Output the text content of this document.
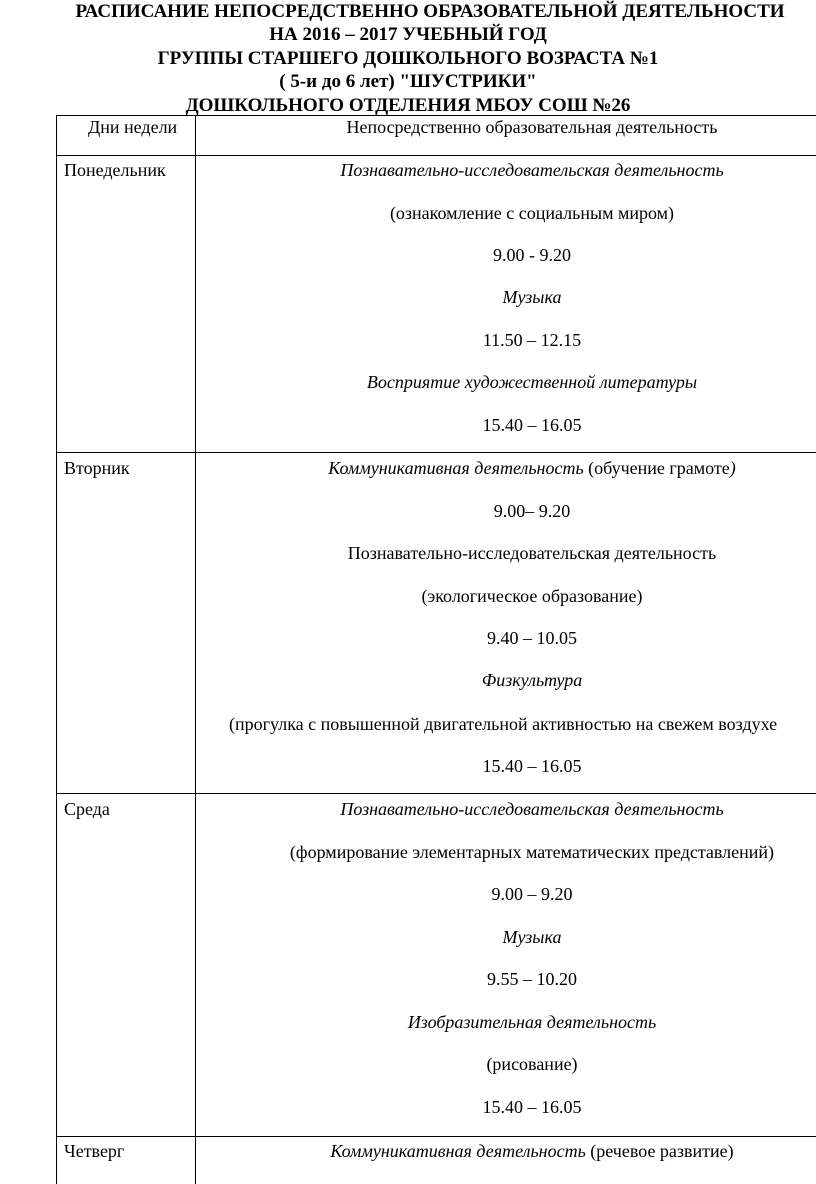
РАСПИСАНИЕ НЕПОСРЕДСТВЕННО ОБРАЗОВАТЕЛЬНОЙ ДЕЯТЕЛЬНОСТИ
НА 2016 – 2017 УЧЕБНЫЙ ГОД
ГРУППЫ СТАРШЕГО ДОШКОЛЬНОГО ВОЗРАСТА №1
( 5-и до 6 лет) "ШУСТРИКИ"
ДОШКОЛЬНОГО ОТДЕЛЕНИЯ МБОУ СОШ №26
Дни недели	Непосредственно образовательная деятельность
Понедельник	Познавательно-исследовательская деятельность
(ознакомление с социальным миром)
9.00 - 9.20
Музыка
11.50 – 12.15
Восприятие художественной литературы
15.40 – 16.05
Вторник	Коммуникативная деятельность (обучение грамоте)
9.00– 9.20
Познавательно-исследовательская деятельность
(экологическое образование)
9.40 – 10.05
Физкультура
(прогулка с повышенной двигательной активностью на свежем воздухе
15.40 – 16.05
Среда	Познавательно-исследовательская деятельность
(формирование элементарных математических представлений)
9.00 – 9.20
Музыка
9.55 – 10.20
Изобразительная деятельность
(рисование)
15.40 – 16.05
Четверг	Коммуникативная деятельность (речевое развитие)
